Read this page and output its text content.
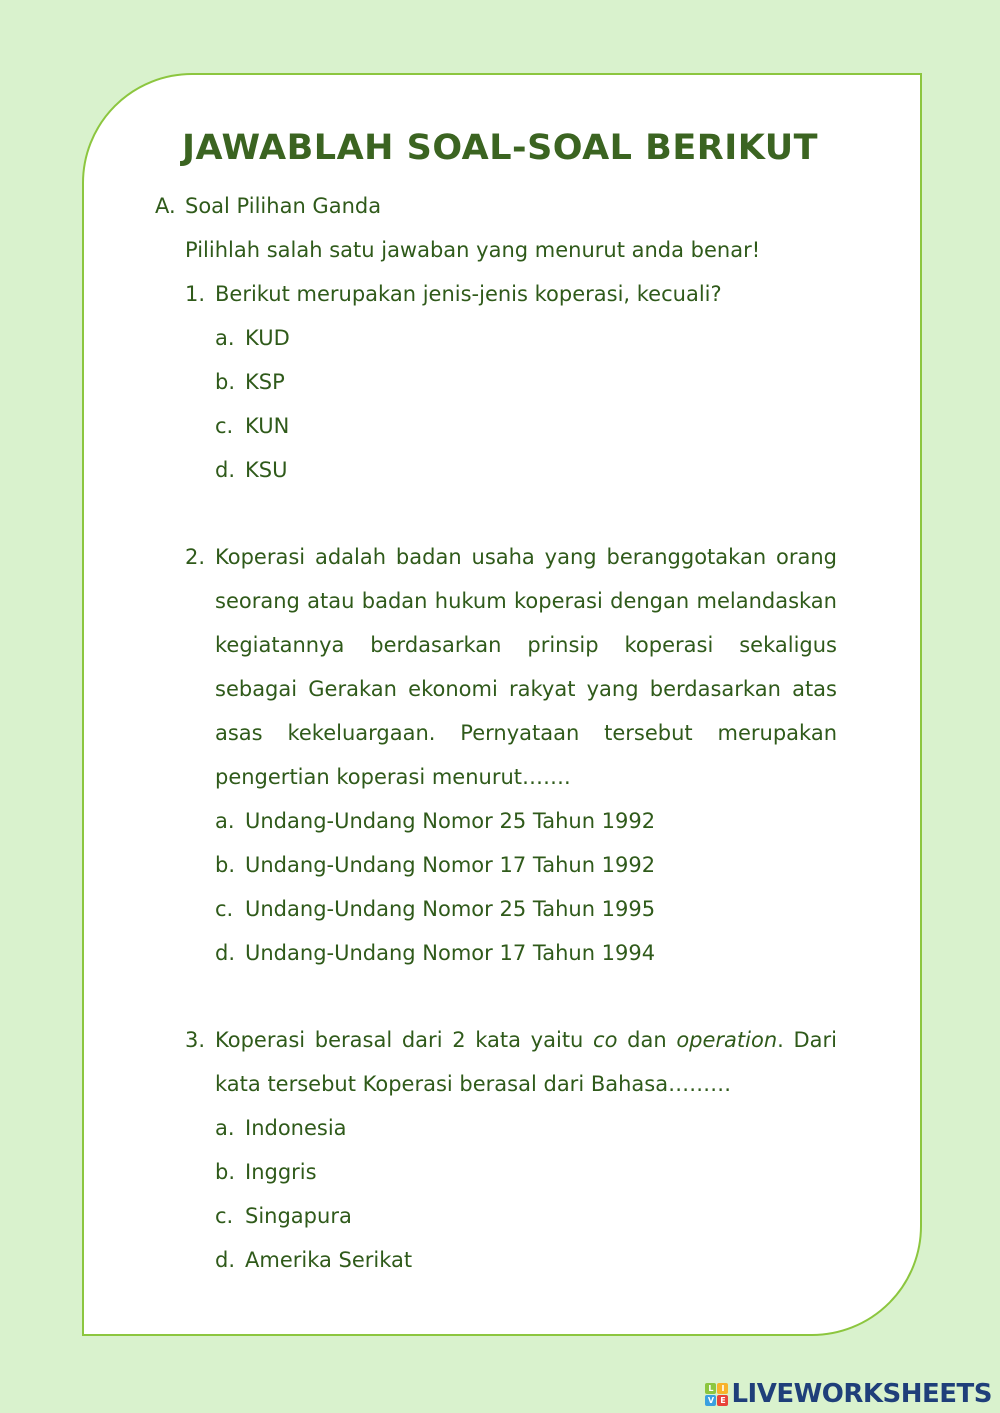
JAWABLAH SOAL-SOAL BERIKUT
A. Soal Pilihan Ganda
Pilihlah salah satu jawaban yang menurut anda benar!
1. Berikut merupakan jenis-jenis koperasi, kecuali?
a. KUD
b. KSP
c. KUN
d. KSU
2. Koperasi adalah badan usaha yang beranggotakan orang seorang atau badan hukum koperasi dengan melandaskan kegiatannya berdasarkan prinsip koperasi sekaligus sebagai Gerakan ekonomi rakyat yang berdasarkan atas asas kekeluargaan. Pernyataan tersebut merupakan pengertian koperasi menurut…….
a. Undang-Undang Nomor 25 Tahun 1992
b. Undang-Undang Nomor 17 Tahun 1992
c. Undang-Undang Nomor 25 Tahun 1995
d. Undang-Undang Nomor 17 Tahun 1994
3. Koperasi berasal dari 2 kata yaitu co dan operation. Dari kata tersebut Koperasi berasal dari Bahasa………
a. Indonesia
b. Inggris
c. Singapura
d. Amerika Serikat
L I
V E LIVEWORKSHEETS
